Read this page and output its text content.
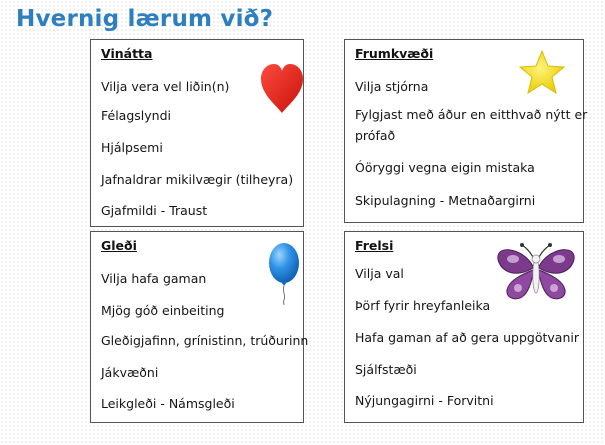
Hvernig lærum við?

Vinátta

Vilja vera vel liðin(n)

Félagslyndi

Hjálpsemi

Jafnaldrar mikilvægir (tilheyra)

Gjafmildi - Traust

Frumkvæði

Vilja stjórna

Fylgjast með áður en eitthvað nýtt er prófað

Óöryggi vegna eigin mistaka

Skipulagning - Metnaðargirni

Gleði

Vilja hafa gaman

Mjög góð einbeiting

Gleðigjafinn, grínistinn, trúðurinn

Jákvæðni

Leikgleði - Námsgleði

Frelsi

Vilja val

Þörf fyrir hreyfanleika

Hafa gaman af að gera uppgötvanir

Sjálfstæði

Nýjungagirni - Forvitni
